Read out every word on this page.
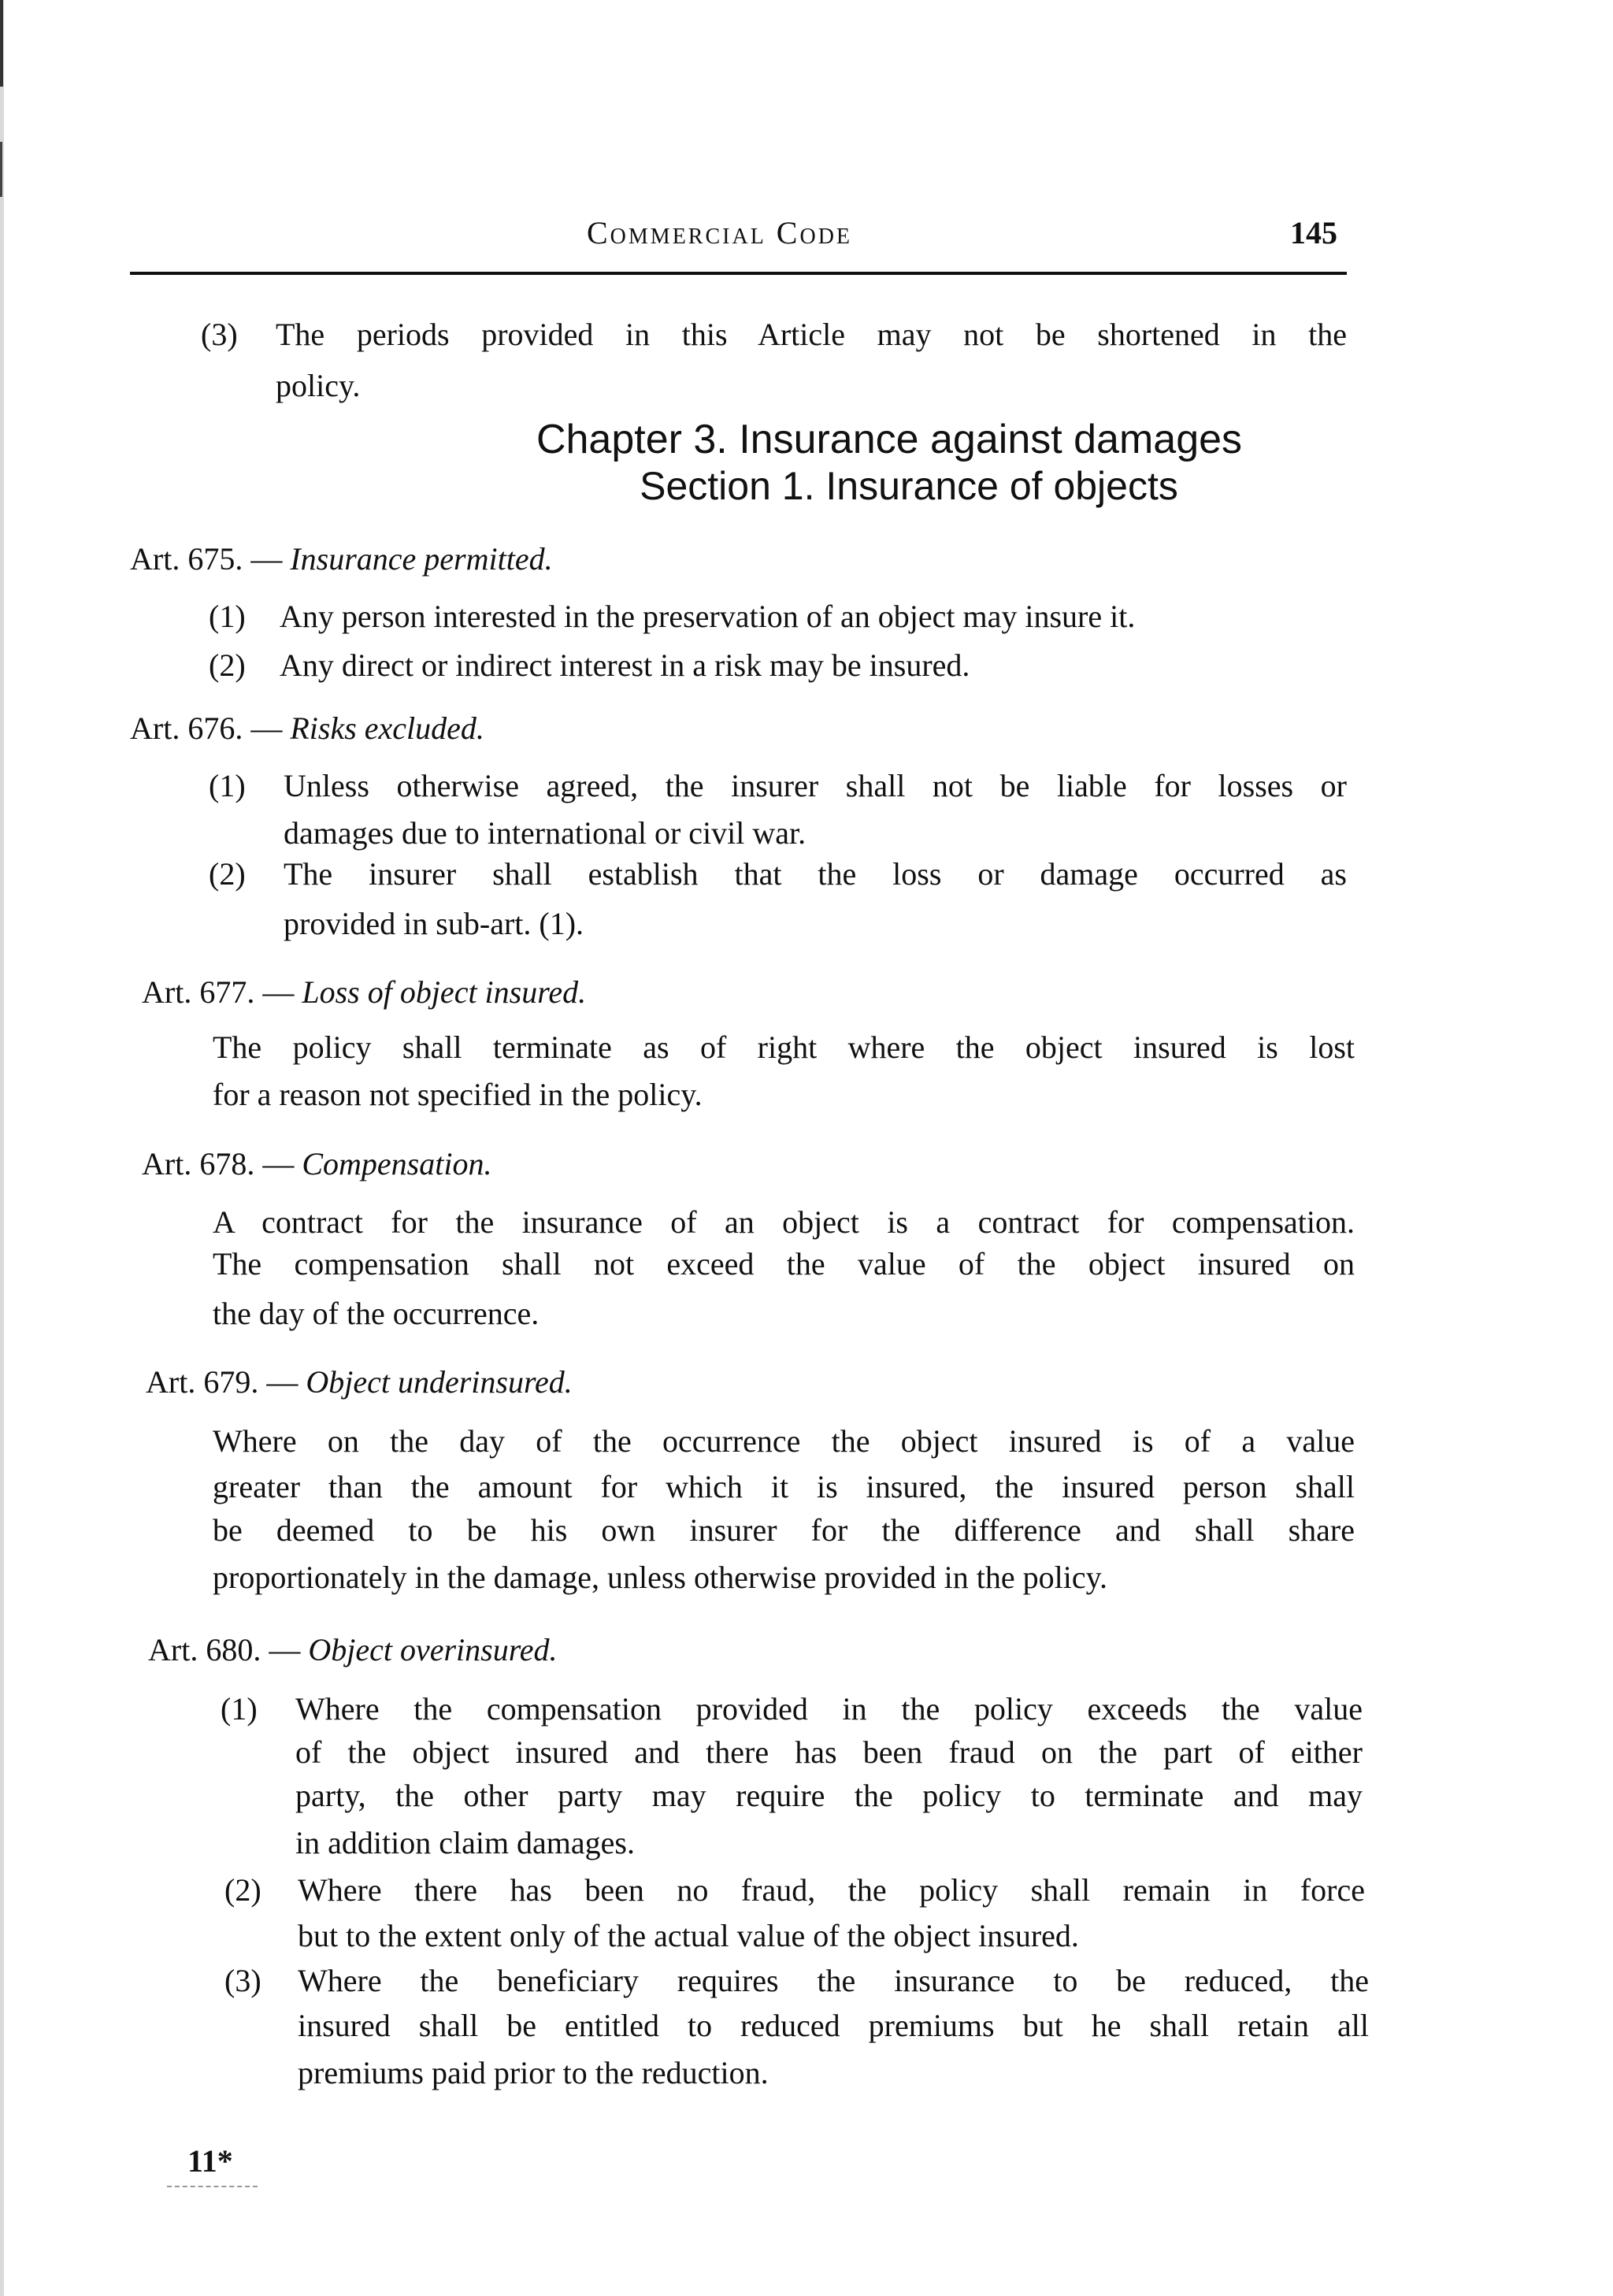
Commercial Code	145
(3) The periods provided in this Article may not be shortened in the
policy.
Chapter 3. Insurance against damages
Section 1. Insurance of objects
Art. 675. — Insurance permitted.
(1) Any person interested in the preservation of an object may insure it.
(2) Any direct or indirect interest in a risk may be insured.
Art. 676. — Risks excluded.
(1) Unless otherwise agreed, the insurer shall not be liable for losses or
damages due to international or civil war.
(2) The insurer shall establish that the loss or damage occurred as
provided in sub-art. (1).
Art. 677. — Loss of object insured.
The policy shall terminate as of right where the object insured is lost
for a reason not specified in the policy.
Art. 678. — Compensation.
A contract for the insurance of an object is a contract for compensation.
The compensation shall not exceed the value of the object insured on
the day of the occurrence.
Art. 679. — Object underinsured.
Where on the day of the occurrence the object insured is of a value
greater than the amount for which it is insured, the insured person shall
be deemed to be his own insurer for the difference and shall share
proportionately in the damage, unless otherwise provided in the policy.
Art. 680. — Object overinsured.
(1) Where the compensation provided in the policy exceeds the value
of the object insured and there has been fraud on the part of either
party, the other party may require the policy to terminate and may
in addition claim damages.
(2) Where there has been no fraud, the policy shall remain in force
but to the extent only of the actual value of the object insured.
(3) Where the beneficiary requires the insurance to be reduced, the
insured shall be entitled to reduced premiums but he shall retain all
premiums paid prior to the reduction.
11*
